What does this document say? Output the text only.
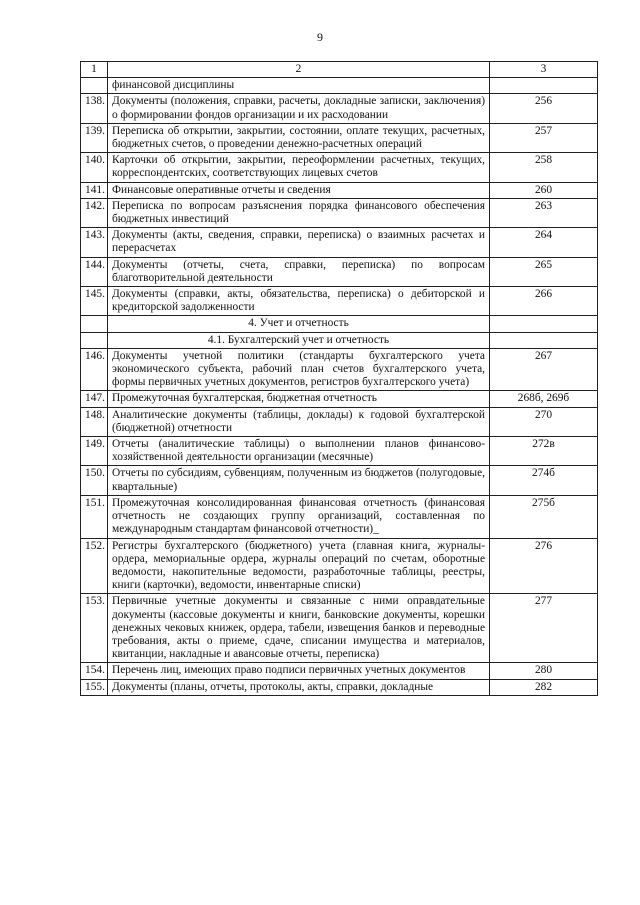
9
1	2	3
	финансовой дисциплины	
138.	Документы (положения, справки, расчеты, докладные записки, заключения) о формировании фондов организации и их расходовании	256
139.	Переписка об открытии, закрытии, состоянии, оплате текущих, расчетных, бюджетных счетов, о проведении денежно-расчетных операций	257
140.	Карточки об открытии, закрытии, переоформлении расчетных, текущих, корреспондентских, соответствующих лицевых счетов	258
141.	Финансовые оперативные отчеты и сведения	260
142.	Переписка по вопросам разъяснения порядка финансового обеспечения бюджетных инвестиций	263
143.	Документы (акты, сведения, справки, переписка) о взаимных расчетах и перерасчетах	264
144.	Документы (отчеты, счета, справки, переписка) по вопросам благотворительной деятельности	265
145.	Документы (справки, акты, обязательства, переписка) о дебиторской и кредиторской задолженности	266
	4. Учет и отчетность	
	4.1. Бухгалтерский учет и отчетность	
146.	Документы учетной политики (стандарты бухгалтерского учета экономического субъекта, рабочий план счетов бухгалтерского учета, формы первичных учетных документов, регистров бухгалтерского учета)	267
147.	Промежуточная бухгалтерская, бюджетная отчетность	268б, 269б
148.	Аналитические документы (таблицы, доклады) к годовой бухгалтерской (бюджетной) отчетности	270
149.	Отчеты (аналитические таблицы) о выполнении планов финансово-хозяйственной деятельности организации (месячные)	272в
150.	Отчеты по субсидиям, субвенциям, полученным из бюджетов (полугодовые, квартальные)	274б
151.	Промежуточная консолидированная финансовая отчетность (финансовая отчетность не создающих группу организаций, составленная по международным стандартам финансовой отчетности)_	275б
152.	Регистры бухгалтерского (бюджетного) учета (главная книга, журналы-ордера, мемориальные ордера, журналы операций по счетам, оборотные ведомости, накопительные ведомости, разработочные таблицы, реестры, книги (карточки), ведомости, инвентарные списки)	276
153.	Первичные учетные документы и связанные с ними оправдательные документы (кассовые документы и книги, банковские документы, корешки денежных чековых книжек, ордера, табели, извещения банков и переводные требования, акты о приеме, сдаче, списании имущества и материалов, квитанции, накладные и авансовые отчеты, переписка)	277
154.	Перечень лиц, имеющих право подписи первичных учетных документов	280
155.	Документы (планы, отчеты, протоколы, акты, справки, докладные	282
